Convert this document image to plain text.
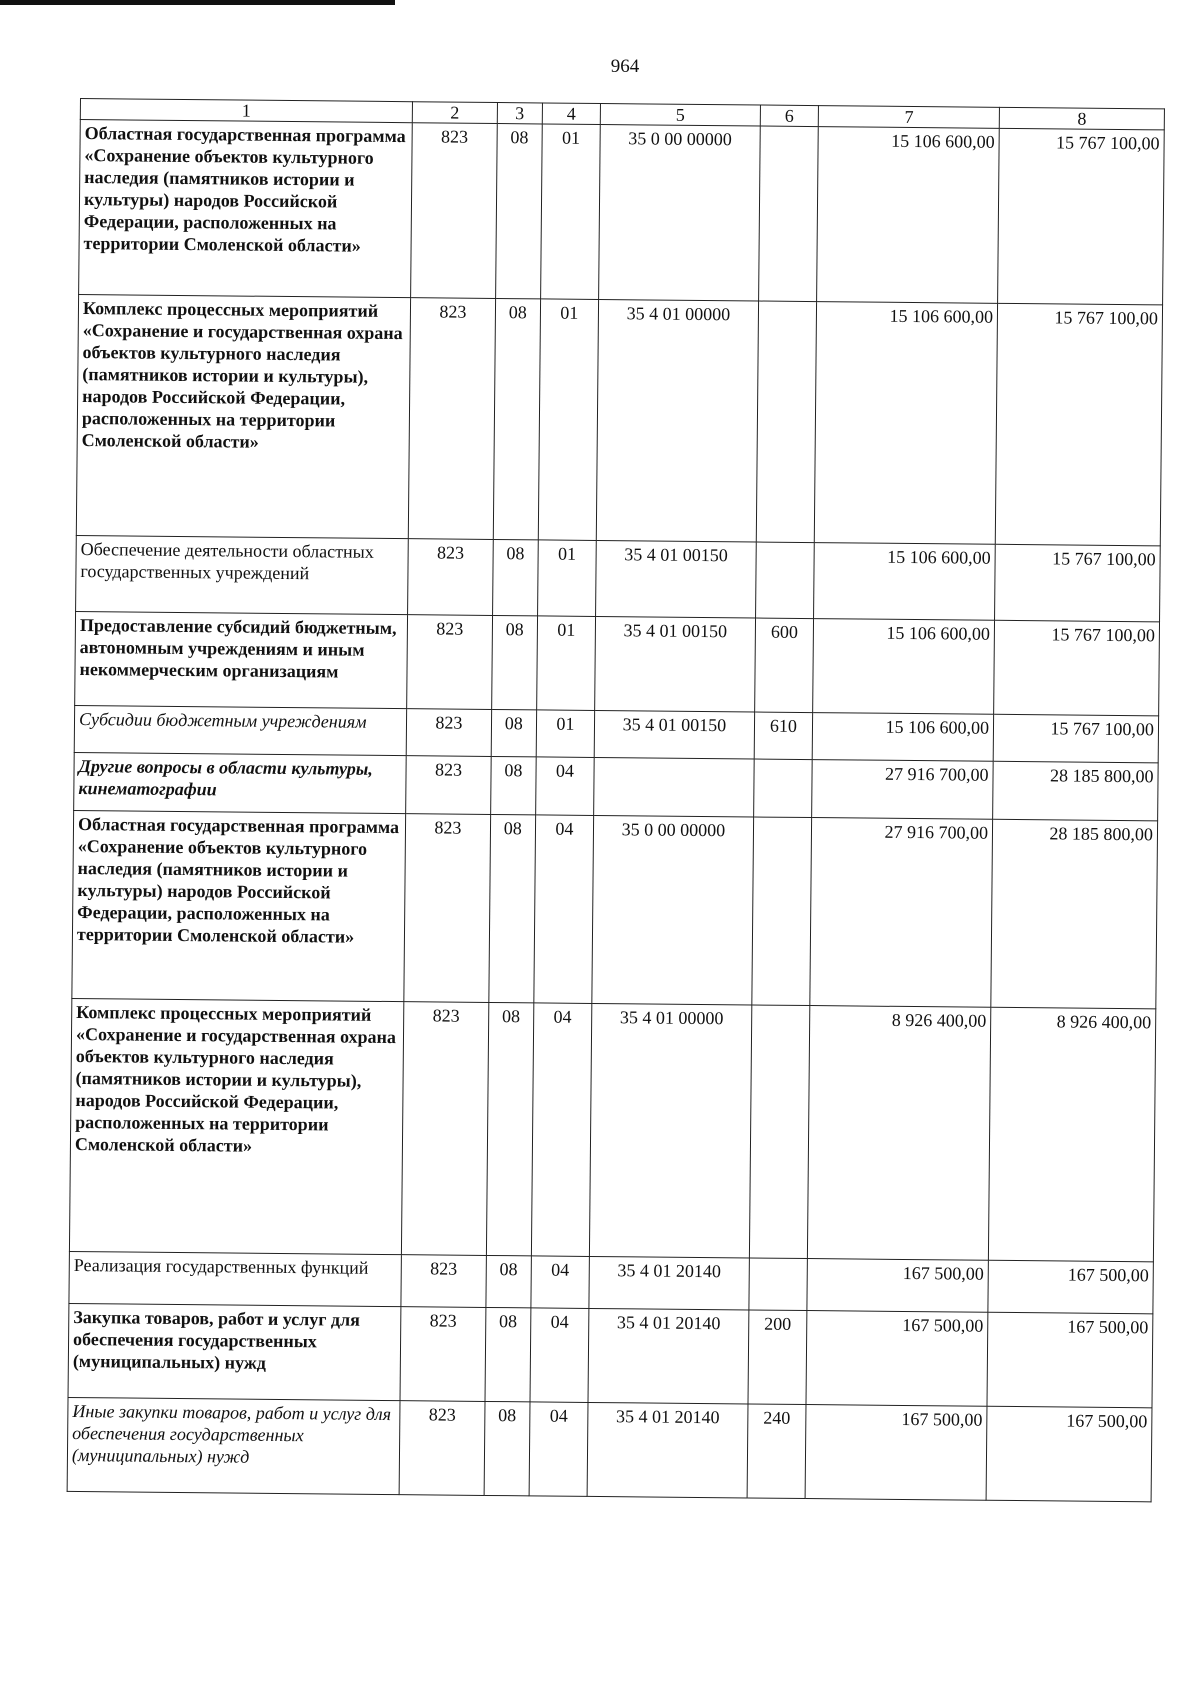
964
1	2	3	4	5	6	7	8
Областная государственная программа «Сохранение объектов культурного наследия (памятников истории и культуры) народов Российской Федерации, расположенных на территории Смоленской области»	823	08	01	35 0 00 00000		15 106 600,00	15 767 100,00
Комплекс процессных мероприятий «Сохранение и государственная охрана объектов культурного наследия (памятников истории и культуры), народов Российской Федерации, расположенных на территории Смоленской области»	823	08	01	35 4 01 00000		15 106 600,00	15 767 100,00
Обеспечение деятельности областных государственных учреждений	823	08	01	35 4 01 00150		15 106 600,00	15 767 100,00
Предоставление субсидий бюджетным, автономным учреждениям и иным некоммерческим организациям	823	08	01	35 4 01 00150	600	15 106 600,00	15 767 100,00
Субсидии бюджетным учреждениям	823	08	01	35 4 01 00150	610	15 106 600,00	15 767 100,00
Другие вопросы в области культуры, кинематографии	823	08	04			27 916 700,00	28 185 800,00
Областная государственная программа «Сохранение объектов культурного наследия (памятников истории и культуры) народов Российской Федерации, расположенных на территории Смоленской области»	823	08	04	35 0 00 00000		27 916 700,00	28 185 800,00
Комплекс процессных мероприятий «Сохранение и государственная охрана объектов культурного наследия (памятников истории и культуры), народов Российской Федерации, расположенных на территории Смоленской области»	823	08	04	35 4 01 00000		8 926 400,00	8 926 400,00
Реализация государственных функций	823	08	04	35 4 01 20140		167 500,00	167 500,00
Закупка товаров, работ и услуг для обеспечения государственных (муниципальных) нужд	823	08	04	35 4 01 20140	200	167 500,00	167 500,00
Иные закупки товаров, работ и услуг для обеспечения государственных (муниципальных) нужд	823	08	04	35 4 01 20140	240	167 500,00	167 500,00
